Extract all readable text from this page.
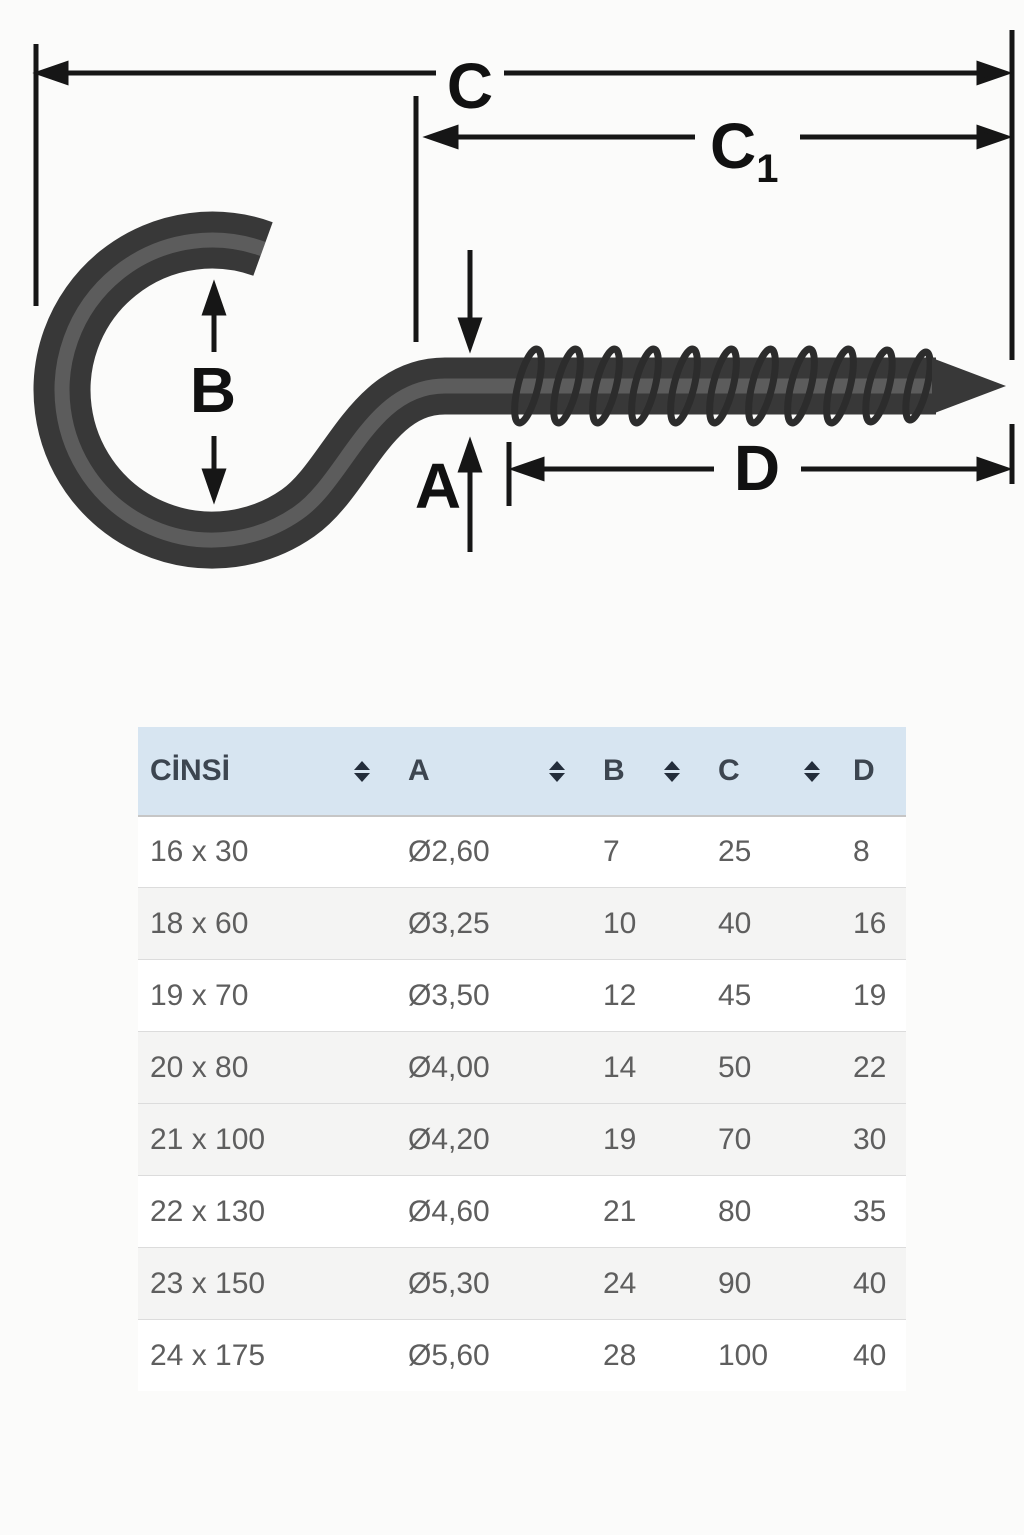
C
$C_1$
B
A	D
CİNSİ	A	B	C	D
16 x 30	Ø2,60	7	25	8
18 x 60	Ø3,25	10	40	16
19 x 70	Ø3,50	12	45	19
20 x 80	Ø4,00	14	50	22
21 x 100	Ø4,20	19	70	30
22 x 130	Ø4,60	21	80	35
23 x 150	Ø5,30	24	90	40
24 x 175	Ø5,60	28	100	40
